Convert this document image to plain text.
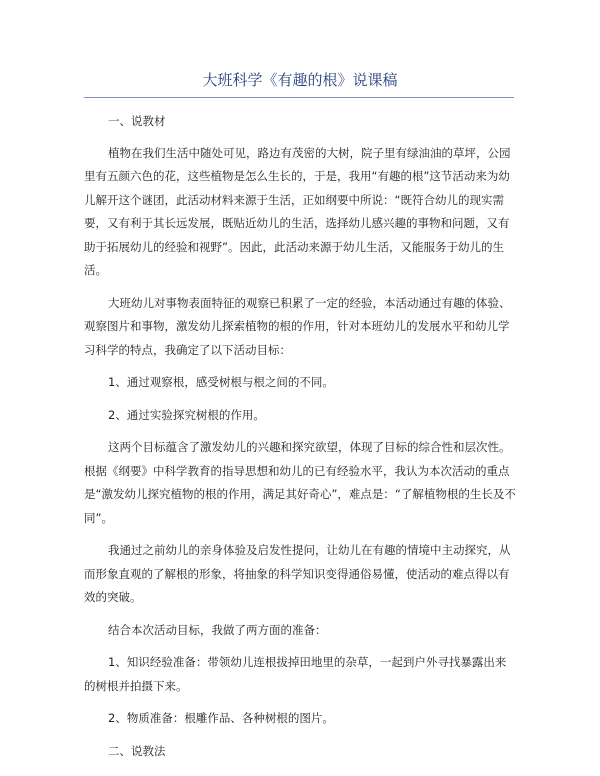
大班科学《有趣的根》说课稿

一、说教材

植物在我们生活中随处可见，路边有茂密的大树，院子里有绿油油的草坪，公园里有五颜六色的花，这些植物是怎么生长的，于是，我用“有趣的根”这节活动来为幼儿解开这个谜团，此活动材料来源于生活，正如纲要中所说：“既符合幼儿的现实需要，又有利于其长远发展，既贴近幼儿的生活，选择幼儿感兴趣的事物和问题，又有助于拓展幼儿的经验和视野”。因此，此活动来源于幼儿生活，又能服务于幼儿的生活。

大班幼儿对事物表面特征的观察已积累了一定的经验，本活动通过有趣的体验、观察图片和事物，激发幼儿探索植物的根的作用，针对本班幼儿的发展水平和幼儿学习科学的特点，我确定了以下活动目标：

1、通过观察根，感受树根与根之间的不同。

2、通过实验探究树根的作用。

这两个目标蕴含了激发幼儿的兴趣和探究欲望，体现了目标的综合性和层次性。根据《纲要》中科学教育的指导思想和幼儿的已有经验水平，我认为本次活动的重点是“激发幼儿探究植物的根的作用，满足其好奇心”，难点是：“了解植物根的生长及不同”。

我通过之前幼儿的亲身体验及启发性提问，让幼儿在有趣的情境中主动探究，从而形象直观的了解根的形象，将抽象的科学知识变得通俗易懂，使活动的难点得以有效的突破。

结合本次活动目标，我做了两方面的准备：

1、知识经验准备：带领幼儿连根拔掉田地里的杂草，一起到户外寻找暴露出来的树根并拍摄下来。

2、物质准备：根雕作品、各种树根的图片。

二、说教法
